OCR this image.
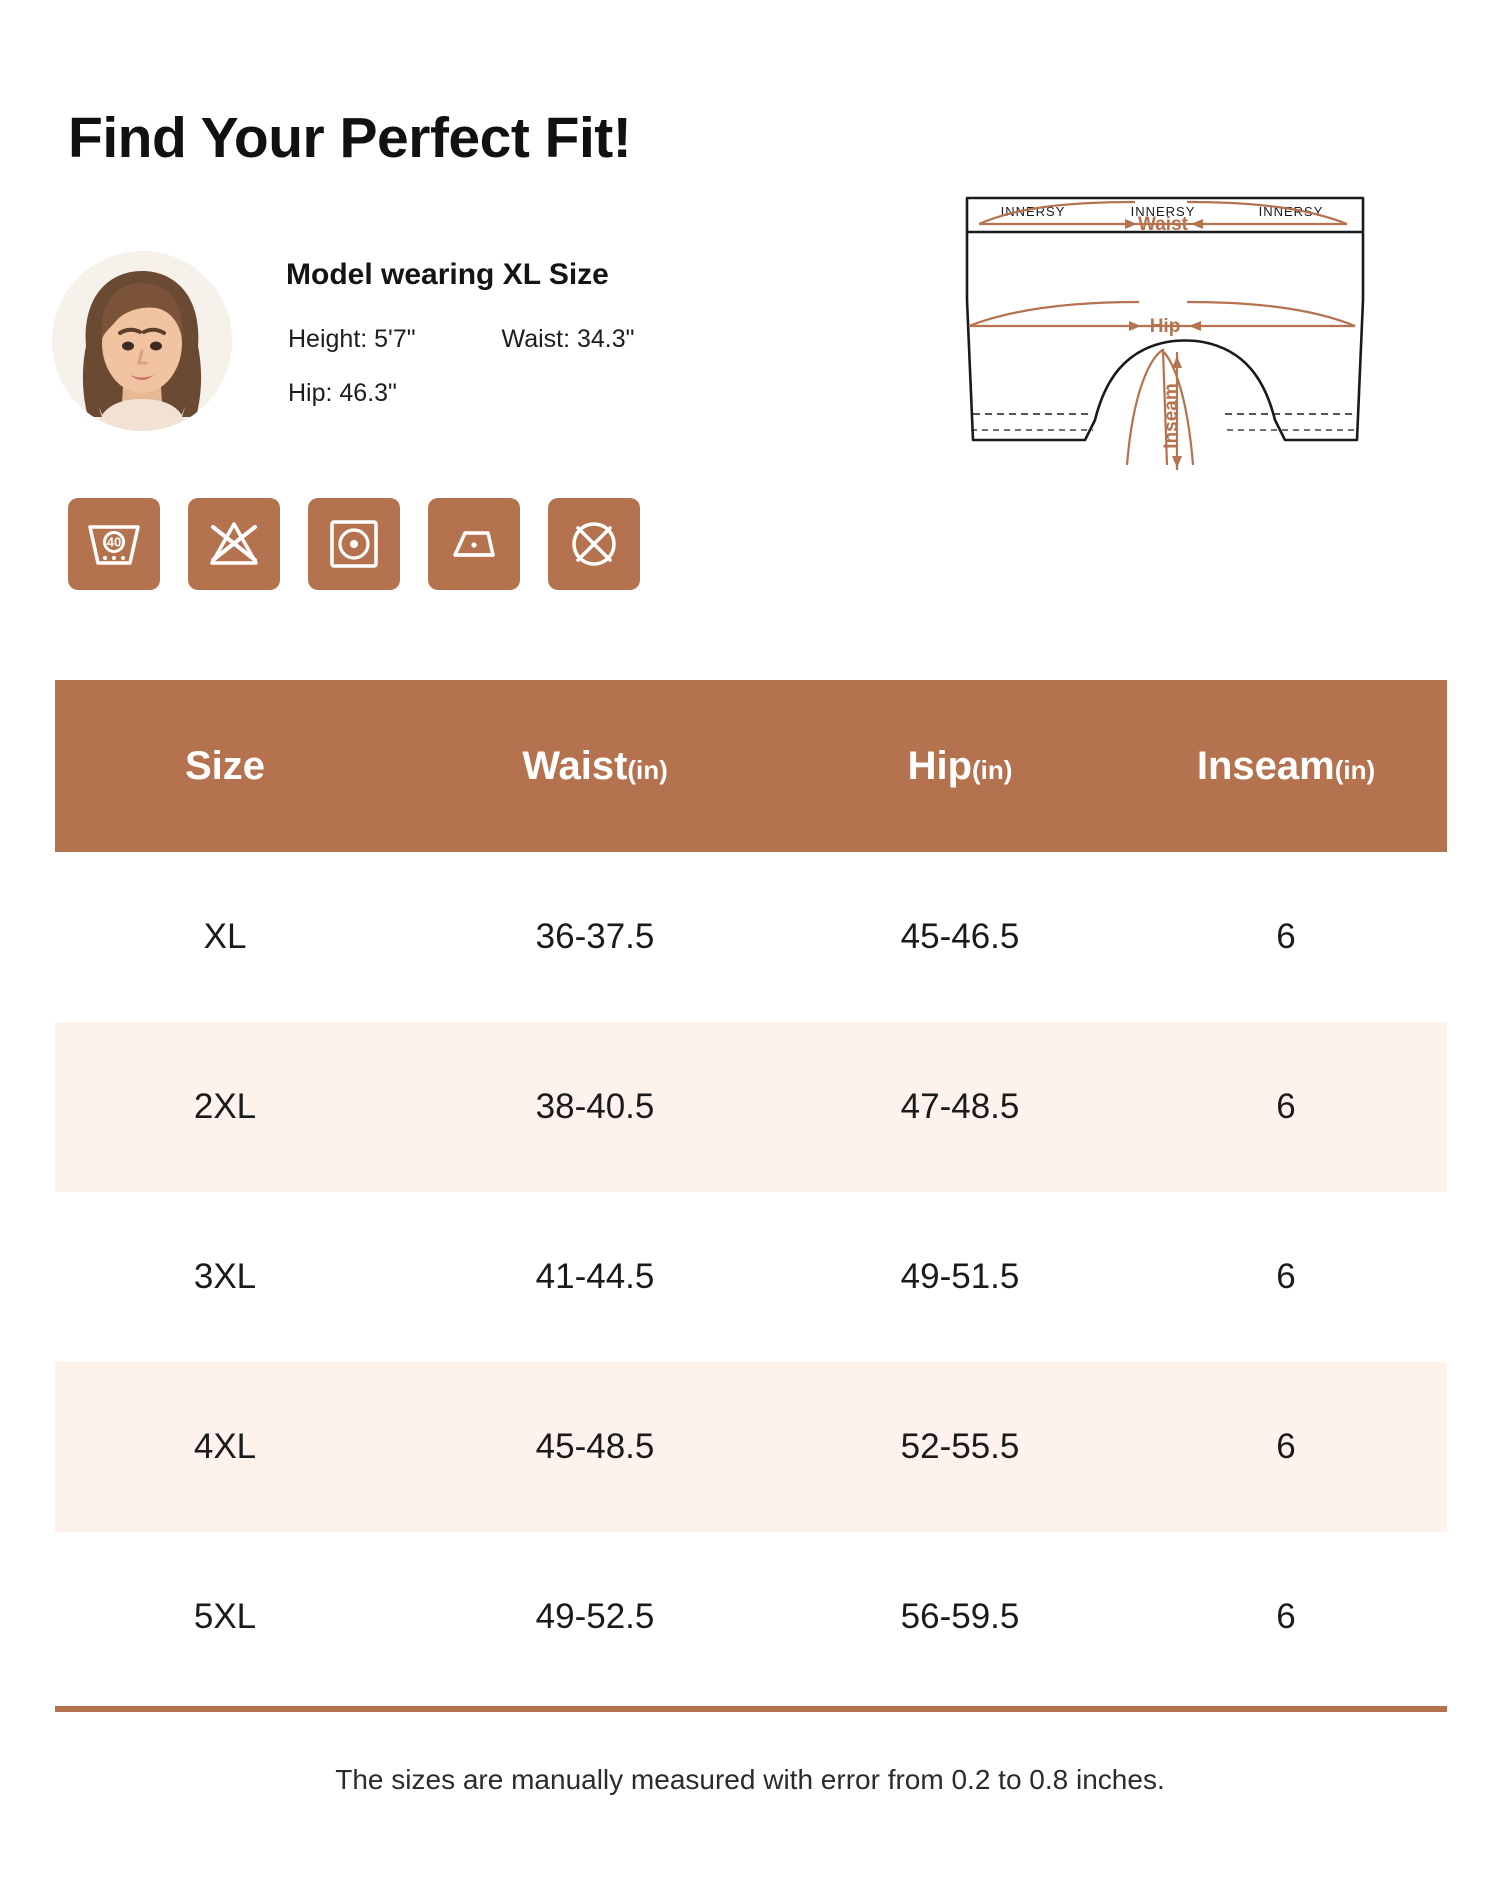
Find Your Perfect Fit!
Model wearing XL Size
Height: 5'7"	Waist: 34.3"
Hip: 46.3"
40
INNERSY	INNERSY	INNERSY
Waist
Hip
Inseam
Size	Waist(in)	Hip(in)	Inseam(in)
XL	36-37.5	45-46.5	6
2XL	38-40.5	47-48.5	6
3XL	41-44.5	49-51.5	6
4XL	45-48.5	52-55.5	6
5XL	49-52.5	56-59.5	6
The sizes are manually measured with error from 0.2 to 0.8 inches.
